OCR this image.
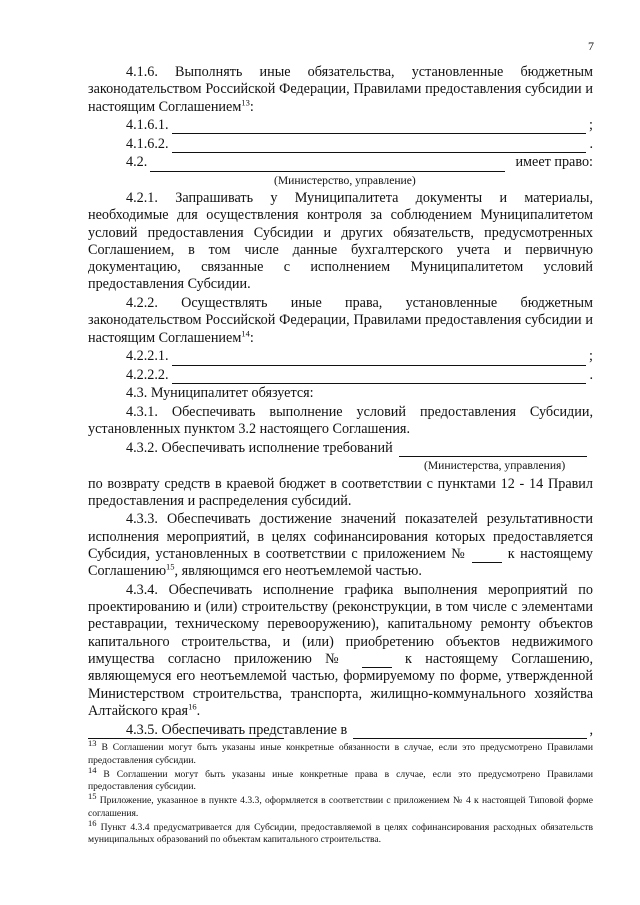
7

4.1.6. Выполнять иные обязательства, установленные бюджетным законодательством Российской Федерации, Правилами предоставления субсидии и настоящим Соглашением$^{13}$:

4.1.6.1.	;
4.1.6.2.	.
4.2.	имеет право:
(Министерство, управление)

4.2.1. Запрашивать у Муниципалитета документы и материалы, необходимые для осуществления контроля за соблюдением Муниципалитетом условий предоставления Субсидии и других обязательств, предусмотренных Соглашением, в том числе данные бухгалтерского учета и первичную документацию, связанные с исполнением Муниципалитетом условий предоставления Субсидии.

4.2.2. Осуществлять иные права, установленные бюджетным законодательством Российской Федерации, Правилами предоставления субсидии и настоящим Соглашением$^{14}$:

4.2.2.1.	;
4.2.2.2.	.

4.3. Муниципалитет обязуется:

4.3.1. Обеспечивать выполнение условий предоставления Субсидии, установленных пунктом 3.2 настоящего Соглашения.

4.3.2. Обеспечивать исполнение требований
(Министерства, управления)

по возврату средств в краевой бюджет в соответствии с пунктами 12 - 14 Правил предоставления и распределения субсидий.

4.3.3. Обеспечивать достижение значений показателей результативности исполнения мероприятий, в целях софинансирования которых предоставляется Субсидия, установленных в соответствии с приложением №	к настоящему Соглашению$^{15}$, являющимся его неотъемлемой частью.

4.3.4. Обеспечивать исполнение графика выполнения мероприятий по проектированию и (или) строительству (реконструкции, в том числе с элементами реставрации, техническому перевооружению), капитальному ремонту объектов капитального строительства, и (или) приобретению объектов недвижимого имущества согласно приложению №	к настоящему Соглашению, являющемуся его неотъемлемой частью, формируемому по форме, утвержденной Министерством строительства, транспорта, жилищно-коммунального хозяйства Алтайского края$^{16}$.

4.3.5. Обеспечивать представление в	,

$^{13}$ В Соглашении могут быть указаны иные конкретные обязанности в случае, если это предусмотрено Правилами предоставления субсидии.

$^{14}$ В Соглашении могут быть указаны иные конкретные права в случае, если это предусмотрено Правилами предоставления субсидии.

$^{15}$ Приложение, указанное в пункте 4.3.3, оформляется в соответствии с приложением № 4 к настоящей Типовой форме соглашения.

$^{16}$ Пункт 4.3.4 предусматривается для Субсидии, предоставляемой в целях софинансирования расходных обязательств муниципальных образований по объектам капитального строительства.
